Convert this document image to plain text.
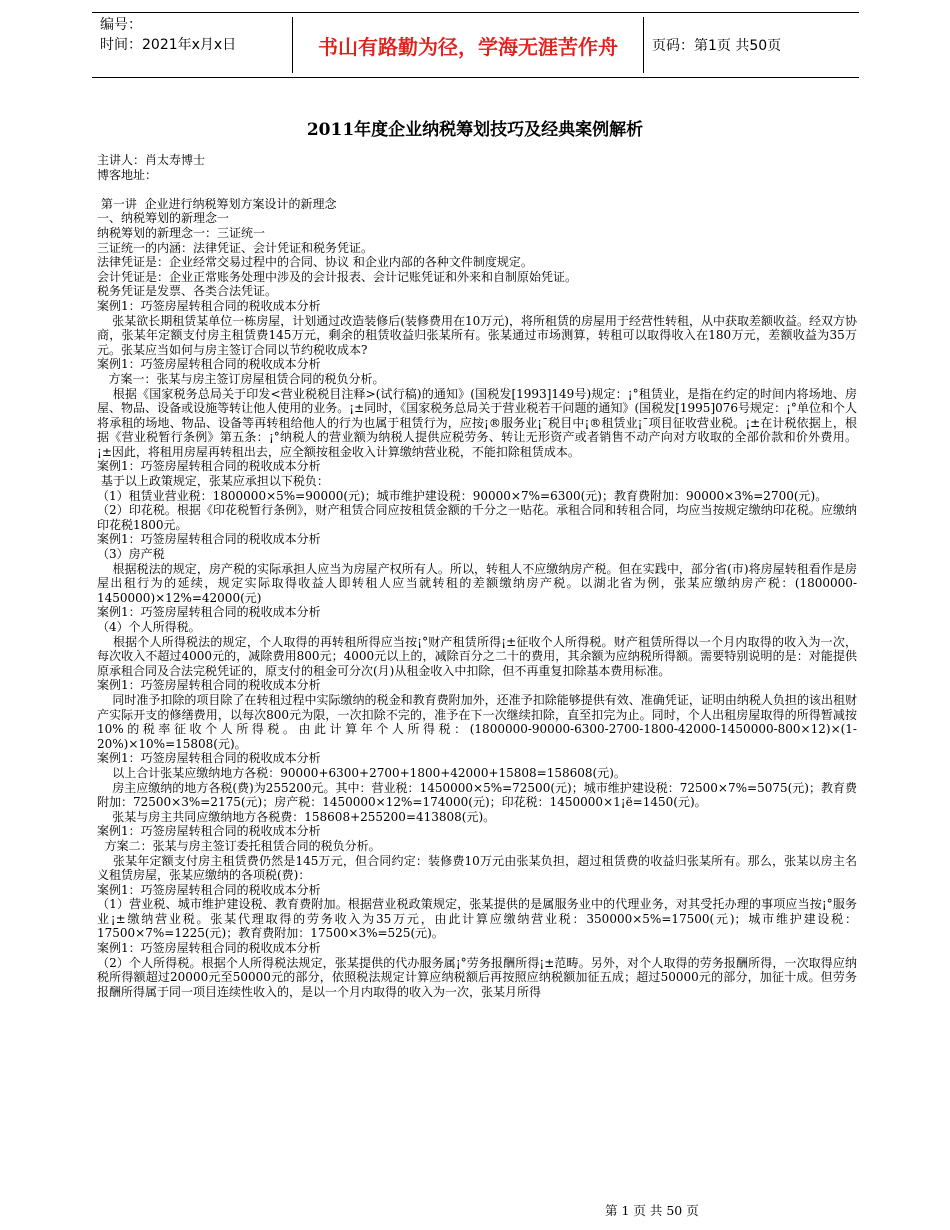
编号：
时间：2021年x月x日	书山有路勤为径，学海无涯苦作舟	页码：第1页 共50页
2011年度企业纳税筹划技巧及经典案例解析

主讲人：肖太寿博士

博客地址：

第一讲  企业进行纳税筹划方案设计的新理念

一、纳税筹划的新理念一

纳税筹划的新理念一：三证统一

三证统一的内涵：法律凭证、会计凭证和税务凭证。

法律凭证是：企业经常交易过程中的合同、协议 和企业内部的各种文件制度规定。

会计凭证是：企业正常账务处理中涉及的会计报表、会计记账凭证和外来和自制原始凭证。

税务凭证是发票、各类合法凭证。

案例1：巧签房屋转租合同的税收成本分析

张某欲长期租赁某单位一栋房屋，计划通过改造装修后(装修费用在10万元)，将所租赁的房屋用于经营性转租，从中获取差额收益。经双方协商，张某年定额支付房主租赁费145万元，剩余的租赁收益归张某所有。张某通过市场测算，转租可以取得收入在180万元，差额收益为35万元。张某应当如何与房主签订合同以节约税收成本?

案例1：巧签房屋转租合同的税收成本分析

方案一：张某与房主签订房屋租赁合同的税负分析。

根据《国家税务总局关于印发<营业税税目注释>(试行稿)的通知》(国税发[1993]149号)规定：¡°租赁业，是指在约定的时间内将场地、房屋、物品、设备或设施等转让他人使用的业务。¡±同时，《国家税务总局关于营业税若干问题的通知》(国税发[1995]076号规定：¡°单位和个人将承租的场地、物品、设备等再转租给他人的行为也属于租赁行为，应按¡®服务业¡¯税目中¡®租赁业¡¯项目征收营业税。¡±在计税依据上，根据《营业税暂行条例》第五条：¡°纳税人的营业额为纳税人提供应税劳务、转让无形资产或者销售不动产向对方收取的全部价款和价外费用。¡±因此，将租用房屋再转租出去，应全额按租金收入计算缴纳营业税，不能扣除租赁成本。

案例1：巧签房屋转租合同的税收成本分析

基于以上政策规定，张某应承担以下税负：

（1）租赁业营业税：1800000×5%=90000(元)；城市维护建设税：90000×7%=6300(元)；教育费附加：90000×3%=2700(元)。

（2）印花税。根据《印花税暂行条例》，财产租赁合同应按租赁金额的千分之一贴花。承租合同和转租合同，均应当按规定缴纳印花税。应缴纳印花税1800元。

案例1：巧签房屋转租合同的税收成本分析

（3）房产税

根据税法的规定，房产税的实际承担人应当为房屋产权所有人。所以，转租人不应缴纳房产税。但在实践中，部分省(市)将房屋转租看作是房屋出租行为的延续，规定实际取得收益人即转租人应当就转租的差额缴纳房产税。以湖北省为例，张某应缴纳房产税：(1800000-1450000)×12%=42000(元)

案例1：巧签房屋转租合同的税收成本分析

（4）个人所得税。

根据个人所得税法的规定，个人取得的再转租所得应当按¡°财产租赁所得¡±征收个人所得税。财产租赁所得以一个月内取得的收入为一次，每次收入不超过4000元的，减除费用800元；4000元以上的，减除百分之二十的费用，其余额为应纳税所得额。需要特别说明的是：对能提供原承租合同及合法完税凭证的，原支付的租金可分次(月)从租金收入中扣除，但不再重复扣除基本费用标准。

案例1：巧签房屋转租合同的税收成本分析

同时准予扣除的项目除了在转租过程中实际缴纳的税金和教育费附加外，还准予扣除能够提供有效、准确凭证，证明由纳税人负担的该出租财产实际开支的修缮费用，以每次800元为限，一次扣除不完的，准予在下一次继续扣除，直至扣完为止。同时，个人出租房屋取得的所得暂减按10%的税率征收个人所得税。由此计算年个人所得税：(1800000-90000-6300-2700-1800-42000-1450000-800×12)×(1-20%)×10%=15808(元)。

案例1：巧签房屋转租合同的税收成本分析

以上合计张某应缴纳地方各税：90000+6300+2700+1800+42000+15808=158608(元)。

房主应缴纳的地方各税(费)为255200元。其中：营业税：1450000×5%=72500(元)；城市维护建设税：72500×7%=5075(元)；教育费附加：72500×3%=2175(元)；房产税：1450000×12%=174000(元)；印花税：1450000×1¡ë=1450(元)。

张某与房主共同应缴纳地方各税费：158608+255200=413808(元)。

案例1：巧签房屋转租合同的税收成本分析

方案二：张某与房主签订委托租赁合同的税负分析。

张某年定额支付房主租赁费仍然是145万元，但合同约定：装修费10万元由张某负担，超过租赁费的收益归张某所有。那么，张某以房主名义租赁房屋，张某应缴纳的各项税(费)：

案例1：巧签房屋转租合同的税收成本分析

（1）营业税、城市维护建设税、教育费附加。根据营业税政策规定，张某提供的是属服务业中的代理业务，对其受托办理的事项应当按¡°服务业¡±缴纳营业税。张某代理取得的劳务收入为35万元，由此计算应缴纳营业税：350000×5%=17500(元)；城市维护建设税：17500×7%=1225(元)；教育费附加：17500×3%=525(元)。

案例1：巧签房屋转租合同的税收成本分析

（2）个人所得税。根据个人所得税法规定，张某提供的代办服务属¡°劳务报酬所得¡±范畴。另外，对个人取得的劳务报酬所得，一次取得应纳税所得额超过20000元至50000元的部分，依照税法规定计算应纳税额后再按照应纳税额加征五成；超过50000元的部分，加征十成。但劳务报酬所得属于同一项目连续性收入的，是以一个月内取得的收入为一次，张某月所得

第 1 页 共 50 页
